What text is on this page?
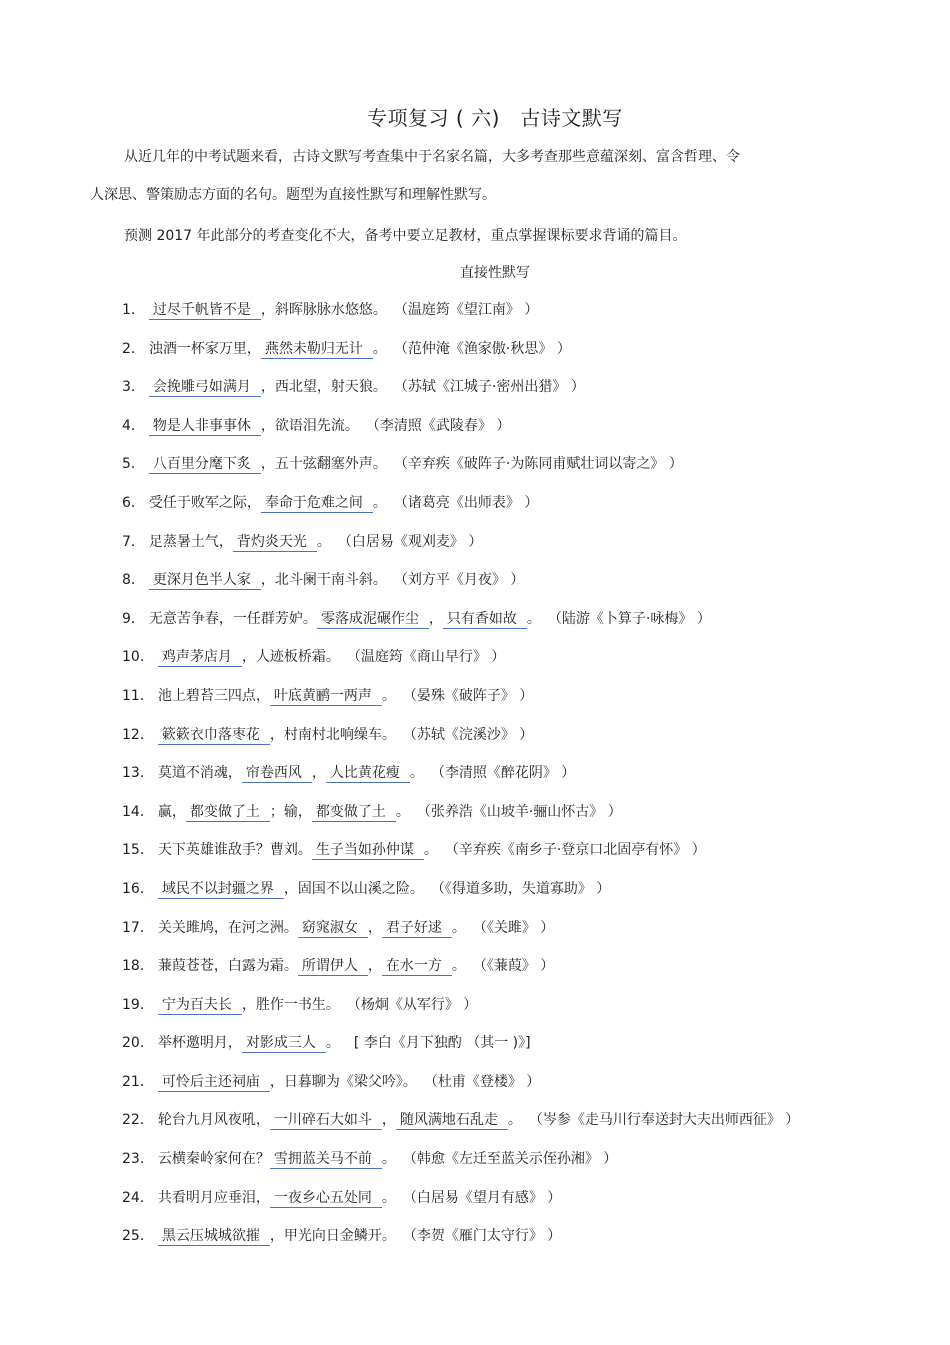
专项复习 ( 六)　古诗文默写
从近几年的中考试题来看，古诗文默写考查集中于名家名篇，大多考查那些意蕴深刻、富含哲理、令
人深思、警策励志方面的名句。题型为直接性默写和理解性默写。
预测 2017 年此部分的考查变化不大，备考中要立足教材，重点掌握课标要求背诵的篇目。
直接性默写
1． 过尽千帆皆不是 ，斜晖脉脉水悠悠。 （温庭筠《望江南》 ）
2． 浊酒一杯家万里， 燕然未勒归无计 。 （范仲淹《渔家傲·秋思》 ）
3． 会挽雕弓如满月 ，西北望，射天狼。 （苏轼《江城子·密州出猎》 ）
4． 物是人非事事休 ，欲语泪先流。 （李清照《武陵春》 ）
5． 八百里分麾下炙 ，五十弦翻塞外声。 （辛弃疾《破阵子·为陈同甫赋壮词以寄之》 ）
6． 受任于败军之际， 奉命于危难之间 。 （诸葛亮《出师表》 ）
7． 足蒸暑土气， 背灼炎天光 。 （白居易《观刈麦》 ）
8． 更深月色半人家 ，北斗阑干南斗斜。 （刘方平《月夜》 ）
9． 无意苦争春，一任群芳妒。 零落成泥碾作尘 ， 只有香如故 。 （陆游《卜算子·咏梅》 ）
10． 鸡声茅店月 ，人迹板桥霜。 （温庭筠《商山早行》 ）
11． 池上碧苔三四点， 叶底黄鹂一两声 。 （晏殊《破阵子》 ）
12． 簌簌衣巾落枣花 ，村南村北响缲车。 （苏轼《浣溪沙》 ）
13． 莫道不消魂， 帘卷西风 ， 人比黄花瘦 。 （李清照《醉花阴》 ）
14． 赢， 都变做了土 ；输， 都变做了土 。 （张养浩《山坡羊·骊山怀古》 ）
15． 天下英雄谁敌手？曹刘。 生子当如孙仲谋 。 （辛弃疾《南乡子·登京口北固亭有怀》 ）
16． 域民不以封疆之界 ，固国不以山溪之险。 （《得道多助，失道寡助》 ）
17． 关关雎鸠，在河之洲。 窈窕淑女 ， 君子好逑 。 （《关雎》 ）
18． 蒹葭苍苍，白露为霜。 所谓伊人 ， 在水一方 。 （《蒹葭》 ）
19． 宁为百夫长 ，胜作一书生。 （杨炯《从军行》 ）
20． 举杯邀明月， 对影成三人 。 [ 李白《月下独酌 （其一 )》]
21． 可怜后主还祠庙 ，日暮聊为《梁父吟》。 （杜甫《登楼》 ）
22． 轮台九月风夜吼， 一川碎石大如斗 ， 随风满地石乱走 。 （岑参《走马川行奉送封大夫出师西征》 ）
23． 云横秦岭家何在？ 雪拥蓝关马不前 。 （韩愈《左迁至蓝关示侄孙湘》 ）
24． 共看明月应垂泪， 一夜乡心五处同 。 （白居易《望月有感》 ）
25． 黑云压城城欲摧 ，甲光向日金鳞开。 （李贺《雁门太守行》 ）
